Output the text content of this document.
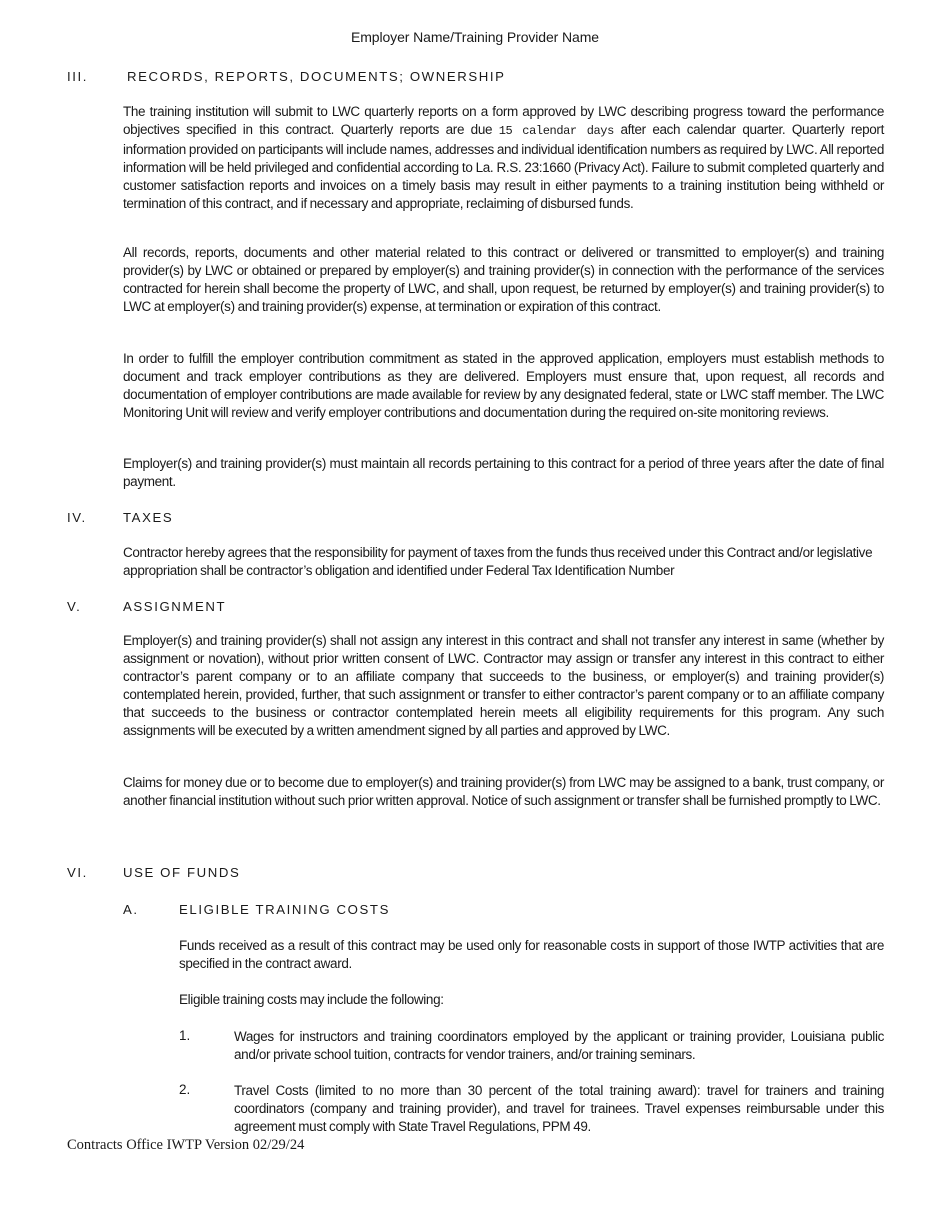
Employer Name/Training Provider Name
III.	RECORDS, REPORTS, DOCUMENTS; OWNERSHIP

The training institution will submit to LWC quarterly reports on a form approved by LWC describing progress toward the performance objectives specified in this contract. Quarterly reports are due 15 calendar days after each calendar quarter. Quarterly report information provided on participants will include names, addresses and individual identification numbers as required by LWC. All reported information will be held privileged and confidential according to La. R.S. 23:1660 (Privacy Act). Failure to submit completed quarterly and customer satisfaction reports and invoices on a timely basis may result in either payments to a training institution being withheld or termination of this contract, and if necessary and appropriate, reclaiming of disbursed funds.

All records, reports, documents and other material related to this contract or delivered or transmitted to employer(s) and training provider(s) by LWC or obtained or prepared by employer(s) and training provider(s) in connection with the performance of the services contracted for herein shall become the property of LWC, and shall, upon request, be returned by employer(s) and training provider(s) to LWC at employer(s) and training provider(s) expense, at termination or expiration of this contract.

In order to fulfill the employer contribution commitment as stated in the approved application, employers must establish methods to document and track employer contributions as they are delivered. Employers must ensure that, upon request, all records and documentation of employer contributions are made available for review by any designated federal, state or LWC staff member. The LWC Monitoring Unit will review and verify employer contributions and documentation during the required on-site monitoring reviews.

Employer(s) and training provider(s) must maintain all records pertaining to this contract for a period of three years after the date of final payment.

IV.	TAXES

Contractor hereby agrees that the responsibility for payment of taxes from the funds thus received under this Contract and/or legislative appropriation shall be contractor’s obligation and identified under Federal Tax Identification Number

V.	ASSIGNMENT

Employer(s) and training provider(s) shall not assign any interest in this contract and shall not transfer any interest in same (whether by assignment or novation), without prior written consent of LWC. Contractor may assign or transfer any interest in this contract to either contractor’s parent company or to an affiliate company that succeeds to the business, or employer(s) and training provider(s) contemplated herein, provided, further, that such assignment or transfer to either contractor’s parent company or to an affiliate company that succeeds to the business or contractor contemplated herein meets all eligibility requirements for this program. Any such assignments will be executed by a written amendment signed by all parties and approved by LWC.

Claims for money due or to become due to employer(s) and training provider(s) from LWC may be assigned to a bank, trust company, or another financial institution without such prior written approval. Notice of such assignment or transfer shall be furnished promptly to LWC.

VI.	USE OF FUNDS
A.	ELIGIBLE TRAINING COSTS

Funds received as a result of this contract may be used only for reasonable costs in support of those IWTP activities that are specified in the contract award.

Eligible training costs may include the following:

1.	Wages for instructors and training coordinators employed by the applicant or training provider, Louisiana public and/or private school tuition, contracts for vendor trainers, and/or training seminars.

2.	Travel Costs (limited to no more than 30 percent of the total training award): travel for trainers and training coordinators (company and training provider), and travel for trainees. Travel expenses reimbursable under this agreement must comply with State Travel Regulations, PPM 49.

Contracts Office IWTP Version 02/29/24
